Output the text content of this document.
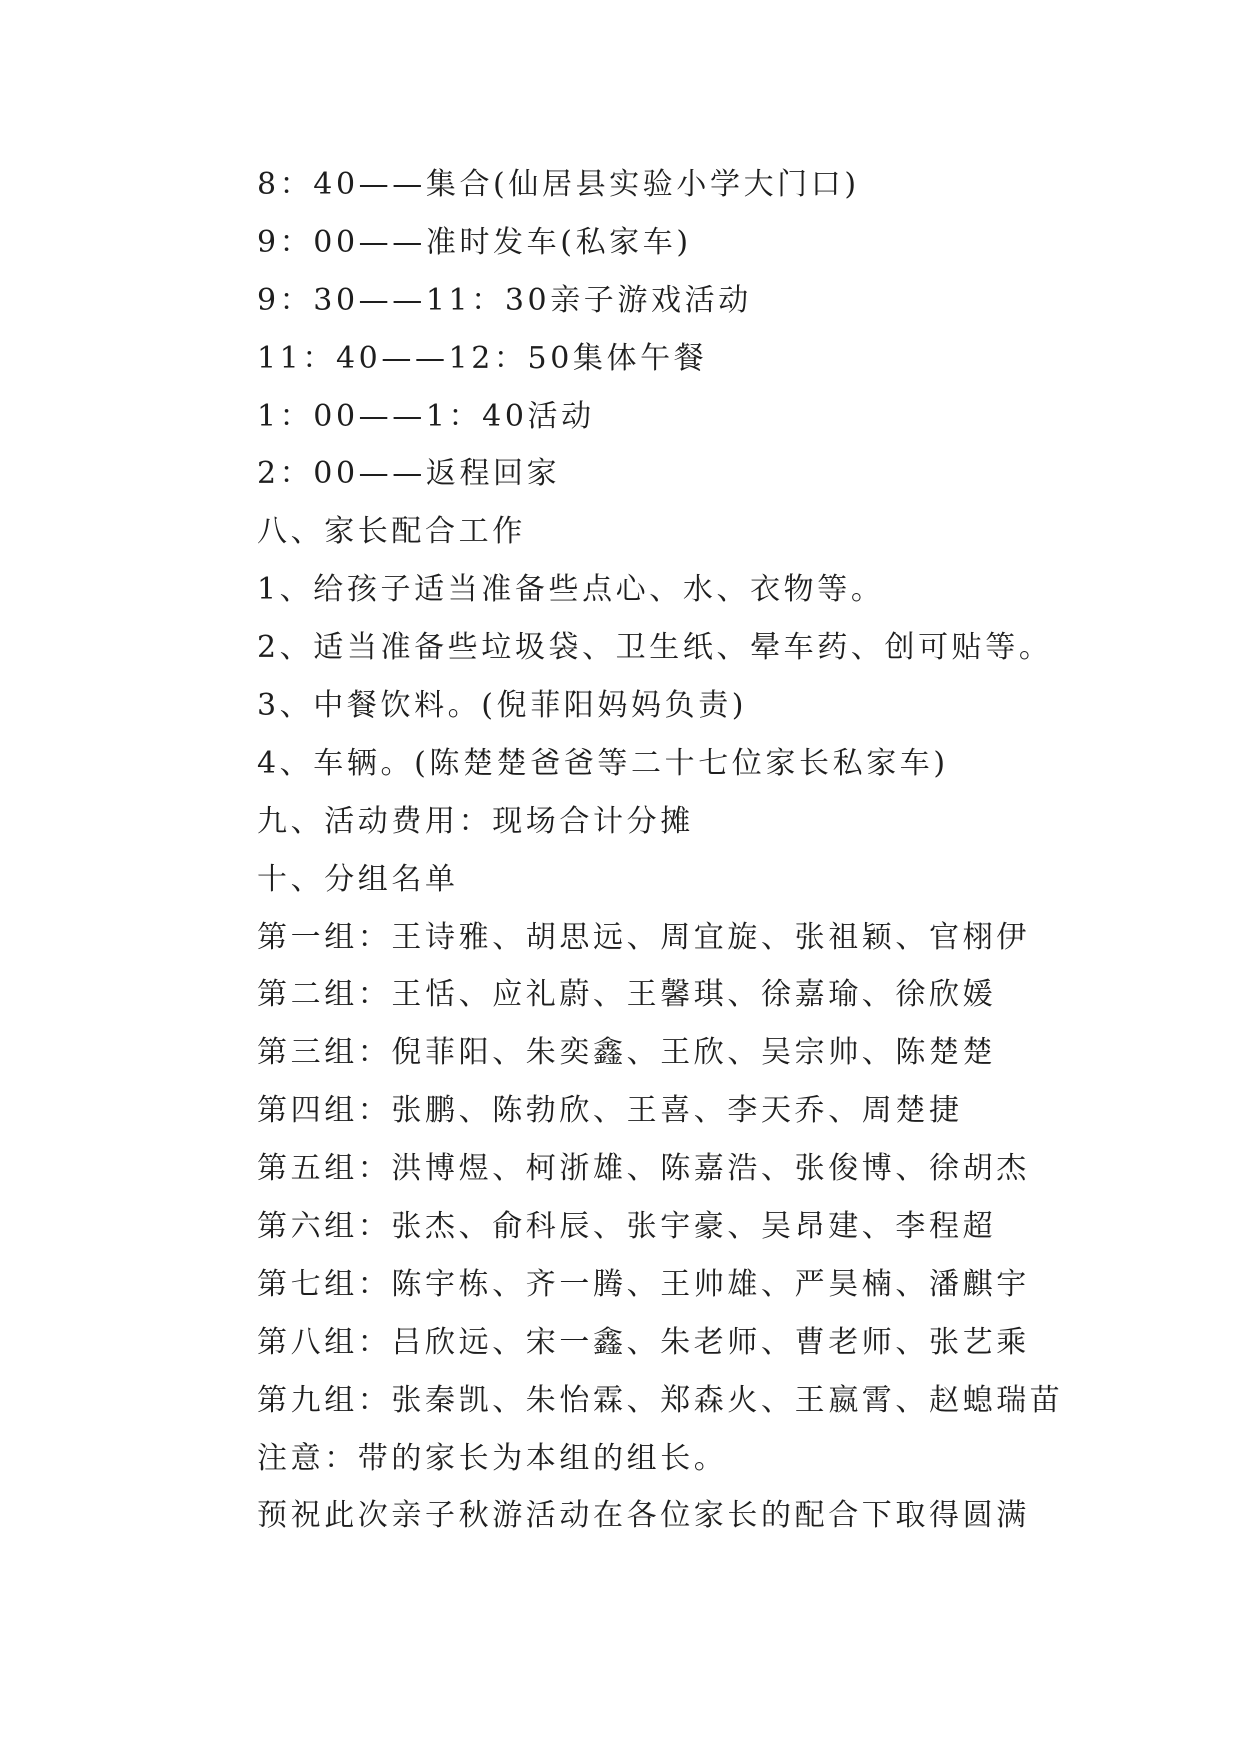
8：40——集合(仙居县实验小学大门口)
9：00——准时发车(私家车)
9：30——11：30亲子游戏活动
11：40——12：50集体午餐
1：00——1：40活动
2：00——返程回家
八、家长配合工作
1、给孩子适当准备些点心、水、衣物等。
2、适当准备些垃圾袋、卫生纸、晕车药、创可贴等。
3、中餐饮料。(倪菲阳妈妈负责)
4、车辆。(陈楚楚爸爸等二十七位家长私家车)
九、活动费用：现场合计分摊
十、分组名单
第一组：王诗雅、胡思远、周宜旋、张祖颖、官栩伊
第二组：王恬、应礼蔚、王馨琪、徐嘉瑜、徐欣媛
第三组：倪菲阳、朱奕鑫、王欣、吴宗帅、陈楚楚
第四组：张鹏、陈勃欣、王喜、李天乔、周楚捷
第五组：洪博煜、柯浙雄、陈嘉浩、张俊博、徐胡杰
第六组：张杰、俞科辰、张宇豪、吴昂建、李程超
第七组：陈宇栋、齐一腾、王帅雄、严昊楠、潘麒宇
第八组：吕欣远、宋一鑫、朱老师、曹老师、张艺乘
第九组：张秦凯、朱怡霖、郑森火、王嬴霄、赵螅瑞苗
注意：带的家长为本组的组长。
预祝此次亲子秋游活动在各位家长的配合下取得圆满
